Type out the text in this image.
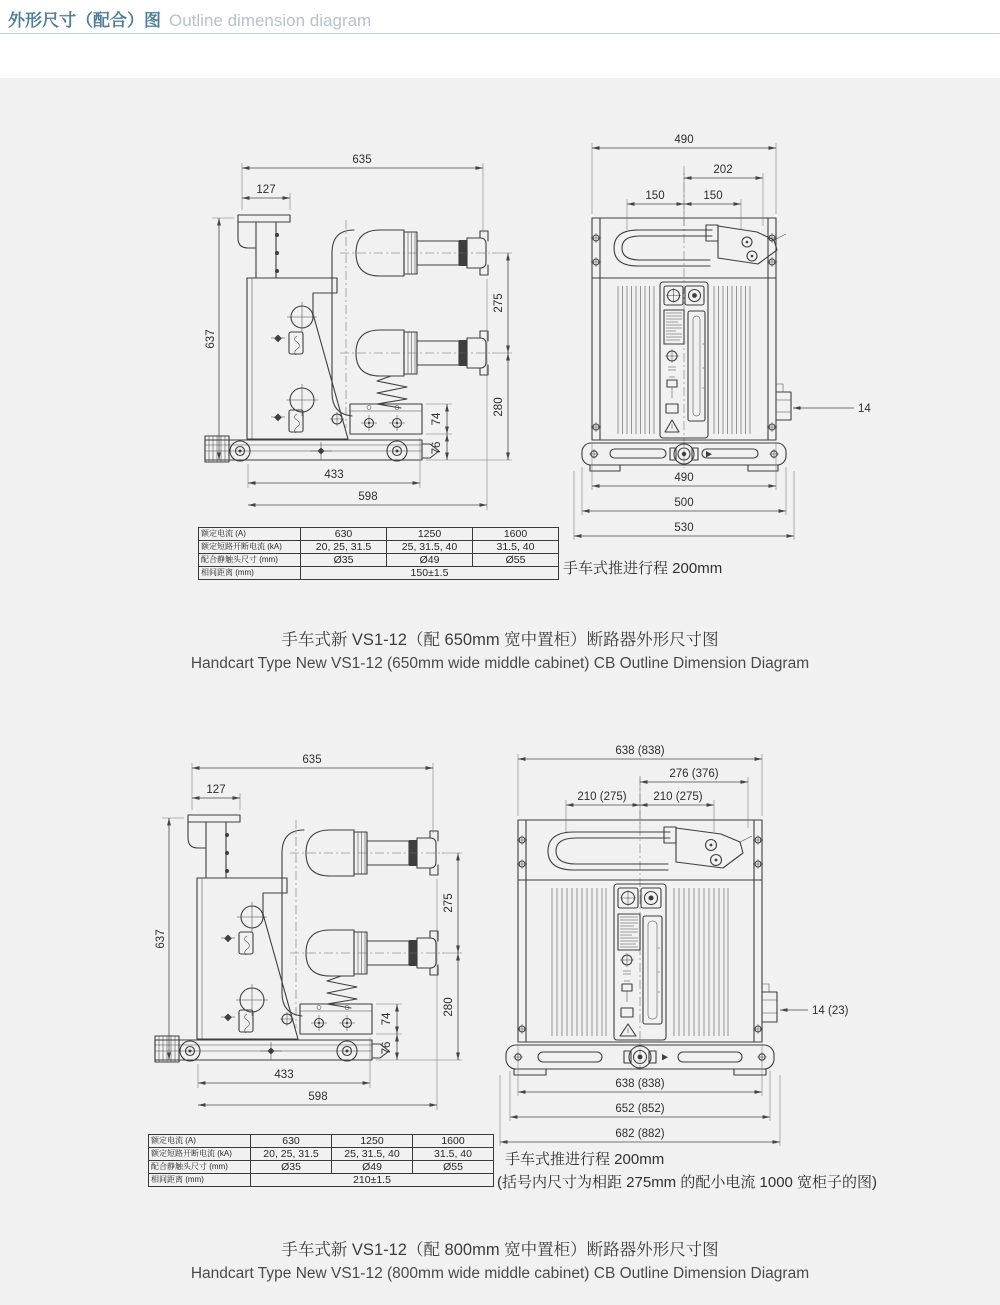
外形尺寸（配合）图 Outline dimension diagram
635
127
637
275
280
74
76
433
598
490
202
150	150
14
490
500
530
手车式推进行程 200mm
额定电流 (A)	630	1250	1600
额定短路开断电流 (kA)	20, 25, 31.5	25, 31.5, 40	31.5, 40
配合静触头尺寸 (mm)	Ø35	Ø49	Ø55
相间距离 (mm)	150±1.5		
手车式新 VS1-12（配 650mm 宽中置柜）断路器外形尺寸图
Handcart Type New VS1-12 (650mm wide middle cabinet) CB Outline Dimension Diagram
635
127
637
275
280
74
76
433
598
638 (838)
276 (376)
210 (275) 210 (275)
14 (23)
638 (838)
652 (852)
682 (882)
手车式推进行程 200mm
(括号内尺寸为相距 275mm 的配小电流 1000 宽柜子的图)
额定电流 (A)	630	1250	1600
额定短路开断电流 (kA)	20, 25, 31.5	25, 31.5, 40	31.5, 40
配合静触头尺寸 (mm)	Ø35	Ø49	Ø55
相间距离 (mm)	210±1.5		
手车式新 VS1-12（配 800mm 宽中置柜）断路器外形尺寸图
Handcart Type New VS1-12 (800mm wide middle cabinet) CB Outline Dimension Diagram
